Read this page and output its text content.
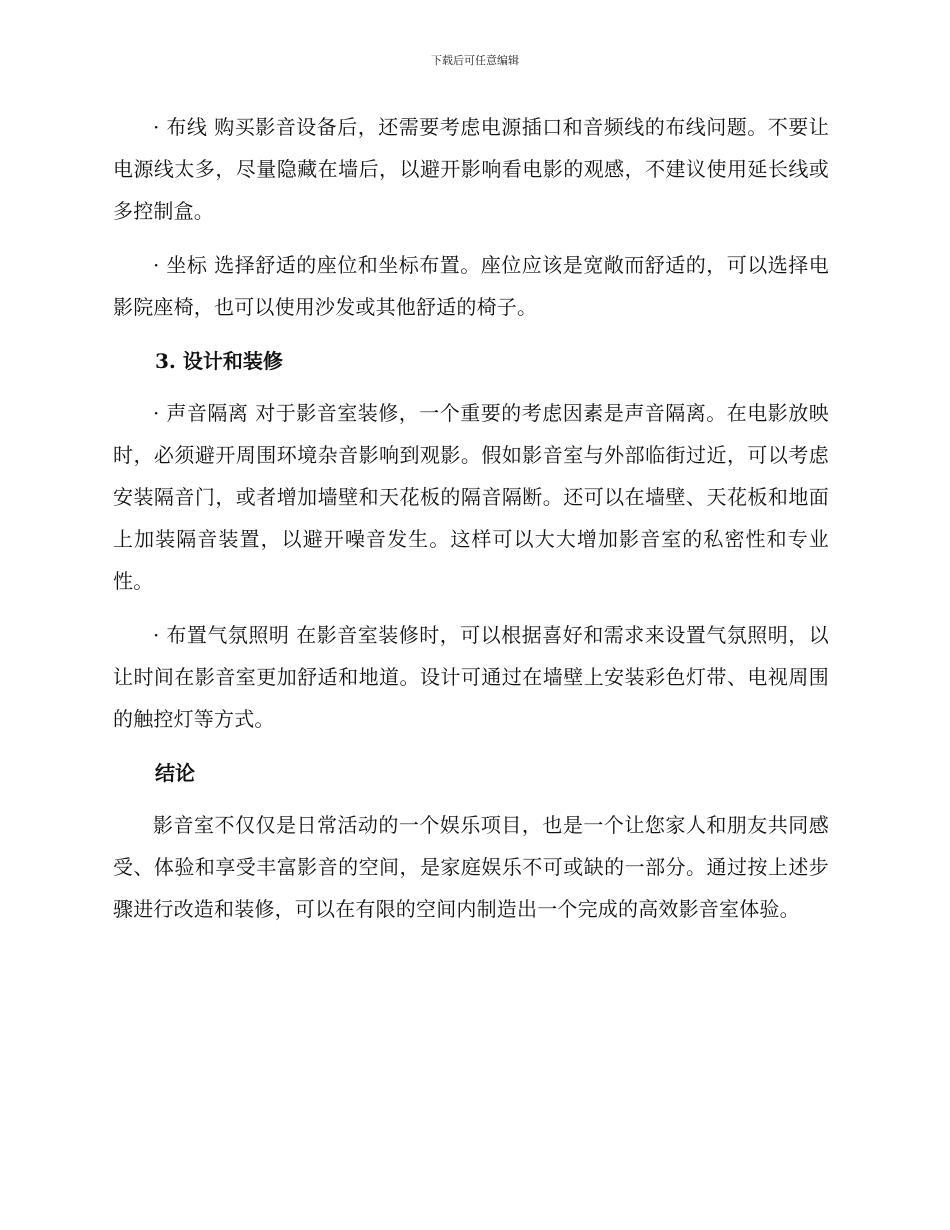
下载后可任意编辑

· 布线 购买影音设备后，还需要考虑电源插口和音频线的布线问题。不要让电源线太多，尽量隐藏在墙后，以避开影响看电影的观感，不建议使用延长线或多控制盒。

· 坐标 选择舒适的座位和坐标布置。座位应该是宽敞而舒适的，可以选择电影院座椅，也可以使用沙发或其他舒适的椅子。

3. 设计和装修

· 声音隔离 对于影音室装修，一个重要的考虑因素是声音隔离。在电影放映时，必须避开周围环境杂音影响到观影。假如影音室与外部临街过近，可以考虑安装隔音门，或者增加墙壁和天花板的隔音隔断。还可以在墙壁、天花板和地面上加装隔音装置，以避开噪音发生。这样可以大大增加影音室的私密性和专业性。

· 布置气氛照明 在影音室装修时，可以根据喜好和需求来设置气氛照明，以让时间在影音室更加舒适和地道。设计可通过在墙壁上安装彩色灯带、电视周围的触控灯等方式。

结论

影音室不仅仅是日常活动的一个娱乐项目，也是一个让您家人和朋友共同感受、体验和享受丰富影音的空间，是家庭娱乐不可或缺的一部分。通过按上述步骤进行改造和装修，可以在有限的空间内制造出一个完成的高效影音室体验。
